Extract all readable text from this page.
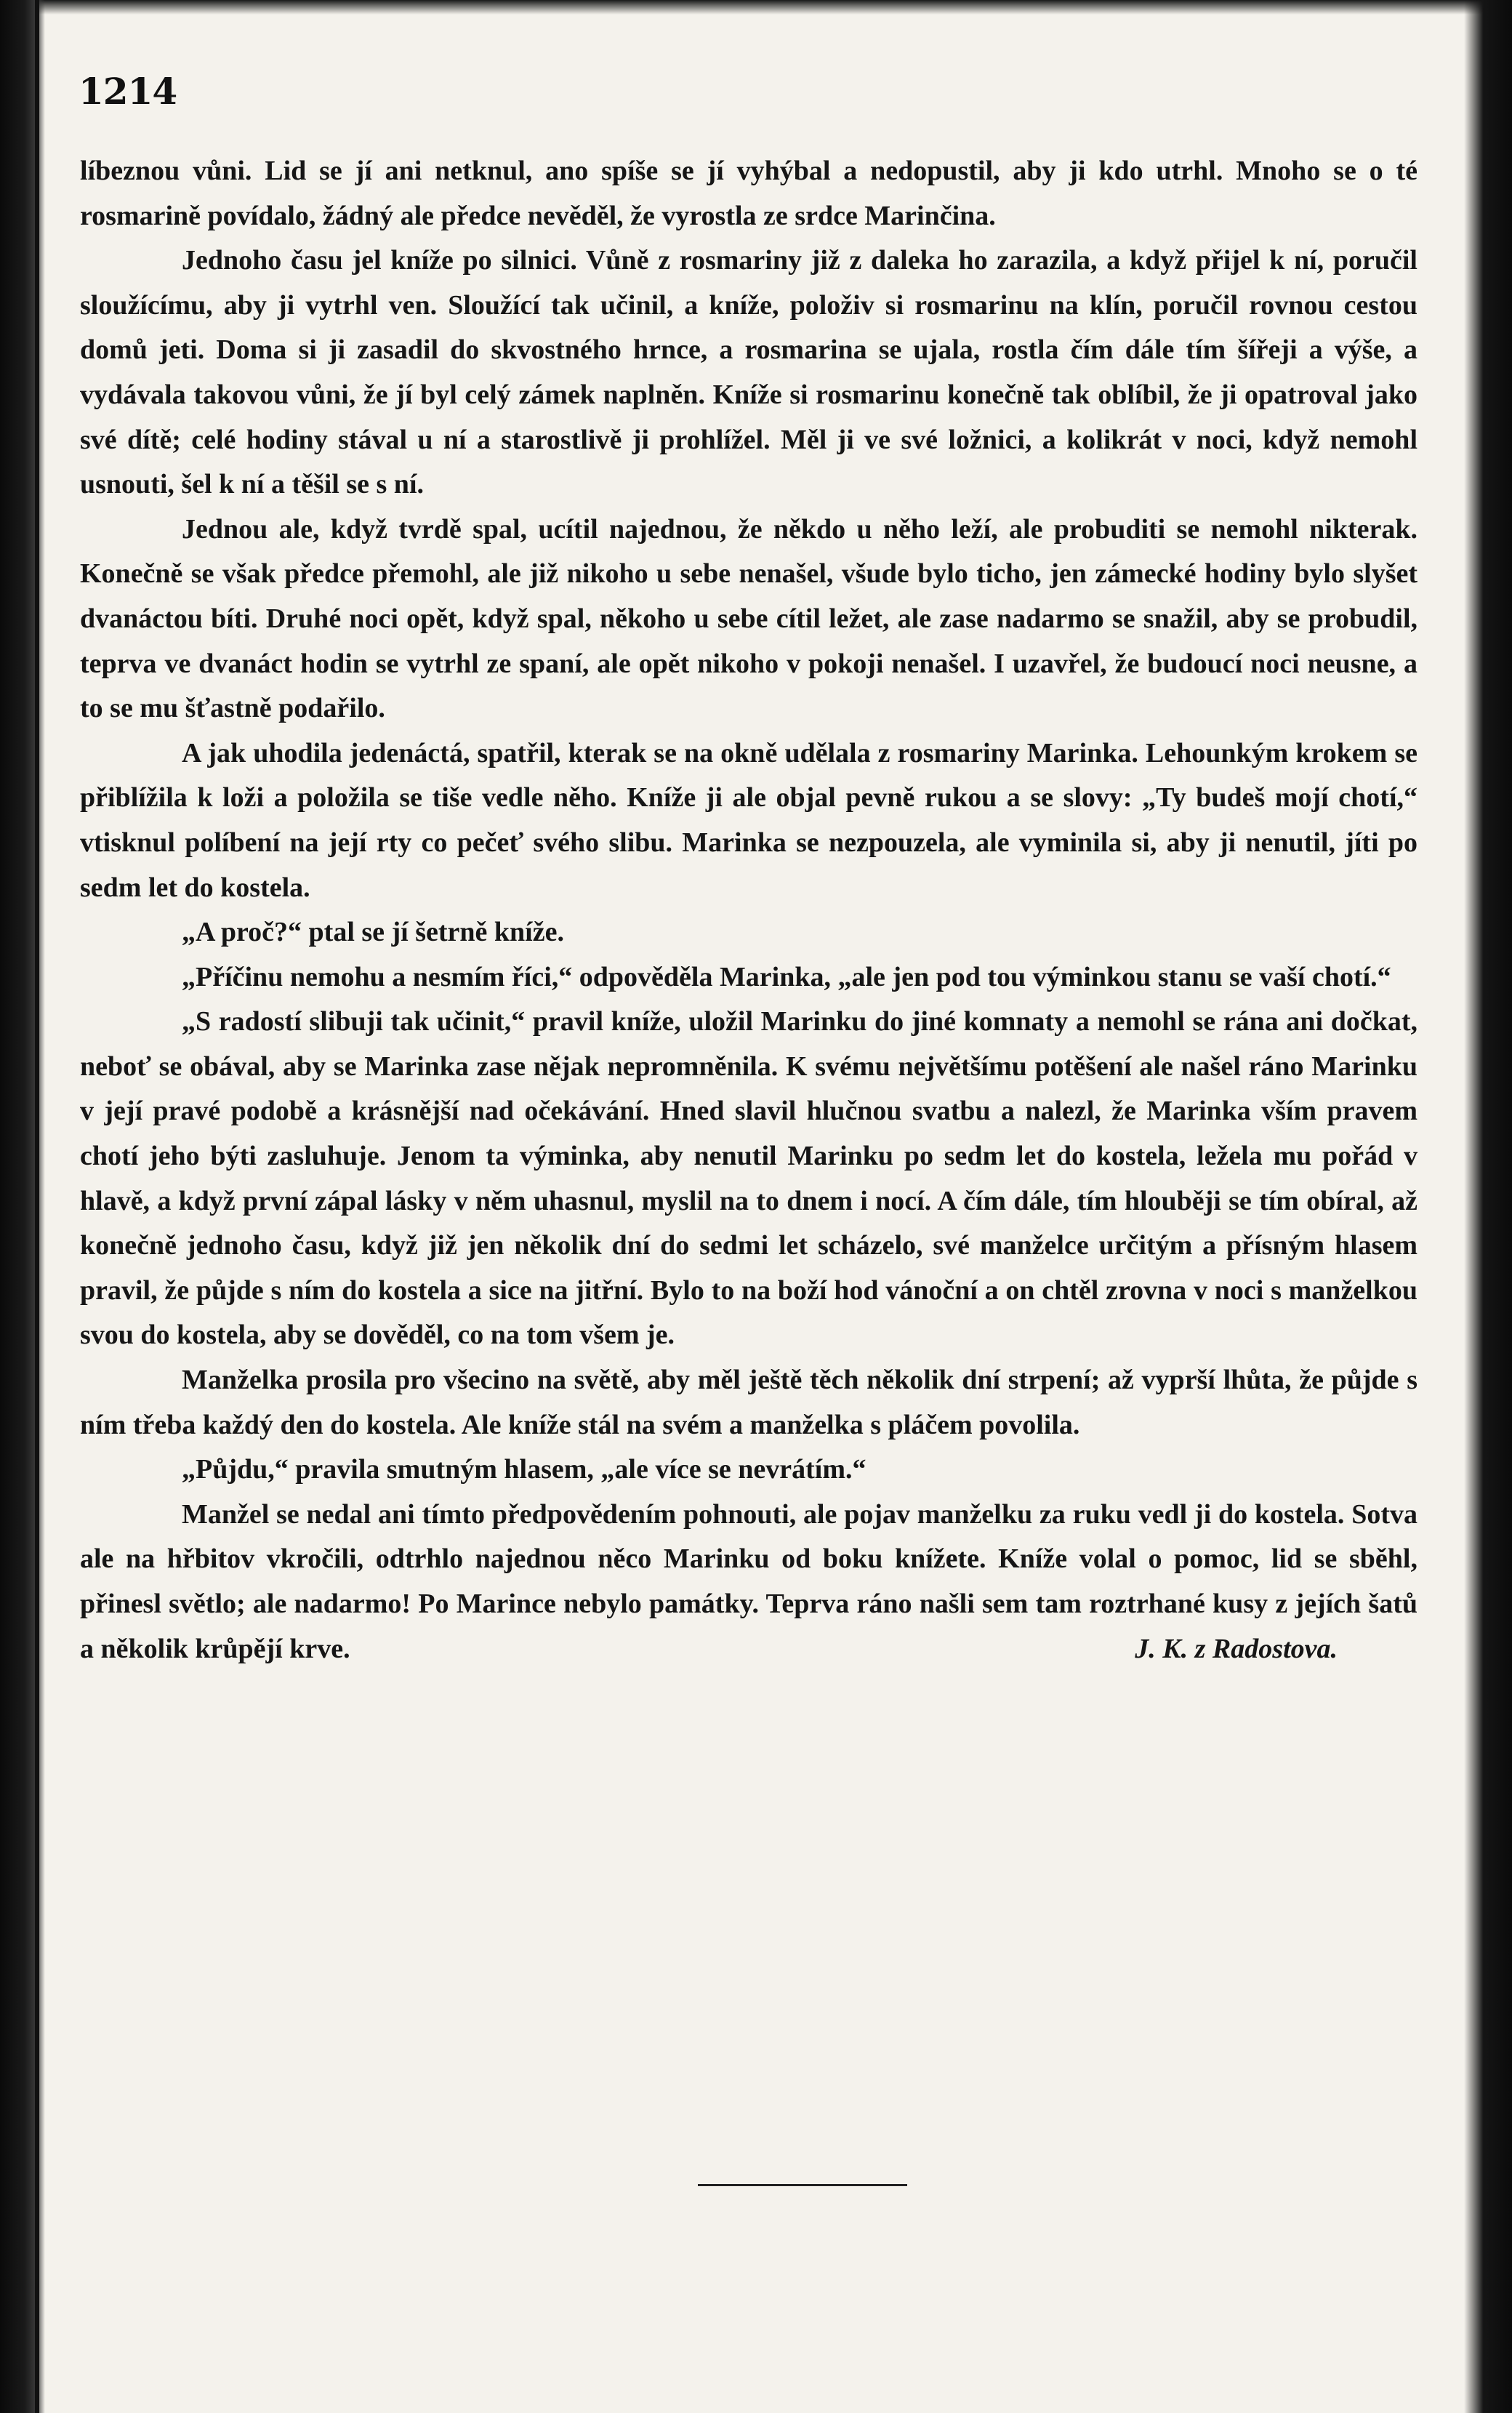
1214

líbeznou vůni. Lid se jí ani netknul, ano spíše se jí vyhýbal a nedopustil, aby ji kdo utrhl. Mnoho se o té rosmarině povídalo, žádný ale předce nevěděl, že vyrostla ze srdce Marinčina.

Jednoho času jel kníže po silnici. Vůně z rosmariny již z daleka ho zarazila, a když přijel k ní, poručil sloužícímu, aby ji vytrhl ven. Sloužící tak učinil, a kníže, položiv si rosmarinu na klín, poručil rovnou cestou domů jeti. Doma si ji zasadil do skvostného hrnce, a rosmarina se ujala, rostla čím dále tím šířeji a výše, a vydávala takovou vůni, že jí byl celý zámek naplněn. Kníže si rosmarinu konečně tak oblíbil, že ji opatroval jako své dítě; celé hodiny stával u ní a starostlivě ji prohlížel. Měl ji ve své ložnici, a kolikrát v noci, když nemohl usnouti, šel k ní a těšil se s ní.

Jednou ale, když tvrdě spal, ucítil najednou, že někdo u něho leží, ale probuditi se nemohl nikterak. Konečně se však předce přemohl, ale již nikoho u sebe nenašel, všude bylo ticho, jen zámecké hodiny bylo slyšet dvanáctou bíti. Druhé noci opět, když spal, někoho u sebe cítil ležet, ale zase nadarmo se snažil, aby se probudil, teprva ve dvanáct hodin se vytrhl ze spaní, ale opět nikoho v pokoji nenašel. I uzavřel, že budoucí noci neusne, a to se mu šťastně podařilo.

A jak uhodila jedenáctá, spatřil, kterak se na okně udělala z rosmariny Marinka. Lehounkým krokem se přiblížila k loži a položila se tiše vedle něho. Kníže ji ale objal pevně rukou a se slovy: „Ty budeš mojí chotí,“ vtisknul políbení na její rty co pečeť svého slibu. Marinka se nezpouzela, ale vyminila si, aby ji nenutil, jíti po sedm let do kostela.

„A proč?“ ptal se jí šetrně kníže.

„Příčinu nemohu a nesmím říci,“ odpověděla Marinka, „ale jen pod tou výminkou stanu se vaší chotí.“

„S radostí slibuji tak učinit,“ pravil kníže, uložil Marinku do jiné komnaty a nemohl se rána ani dočkat, neboť se obával, aby se Marinka zase nějak nepromněnila. K svému největšímu potěšení ale našel ráno Marinku v její pravé podobě a krásnější nad očekávání. Hned slavil hlučnou svatbu a nalezl, že Marinka vším pravem chotí jeho býti zasluhuje. Jenom ta výminka, aby nenutil Marinku po sedm let do kostela, ležela mu pořád v hlavě, a když první zápal lásky v něm uhasnul, myslil na to dnem i nocí. A čím dále, tím hlouběji se tím obíral, až konečně jednoho času, když již jen několik dní do sedmi let scházelo, své manželce určitým a přísným hlasem pravil, že půjde s ním do kostela a sice na jitřní. Bylo to na boží hod vánoční a on chtěl zrovna v noci s manželkou svou do kostela, aby se dověděl, co na tom všem je.

Manželka prosila pro všecino na světě, aby měl ještě těch několik dní strpení; až vyprší lhůta, že půjde s ním třeba každý den do kostela. Ale kníže stál na svém a manželka s pláčem povolila.

„Půjdu,“ pravila smutným hlasem, „ale více se nevrátím.“

Manžel se nedal ani tímto předpovědením pohnouti, ale pojav manželku za ruku vedl ji do kostela. Sotva ale na hřbitov vkročili, odtrhlo najednou něco Marinku od boku knížete. Kníže volal o pomoc, lid se sběhl, přinesl světlo; ale nadarmo! Po Marince nebylo památky. Teprva ráno našli sem tam roztrhané kusy z jejích šatů a několik krůpějí krve.	J. K. z Radostova.
